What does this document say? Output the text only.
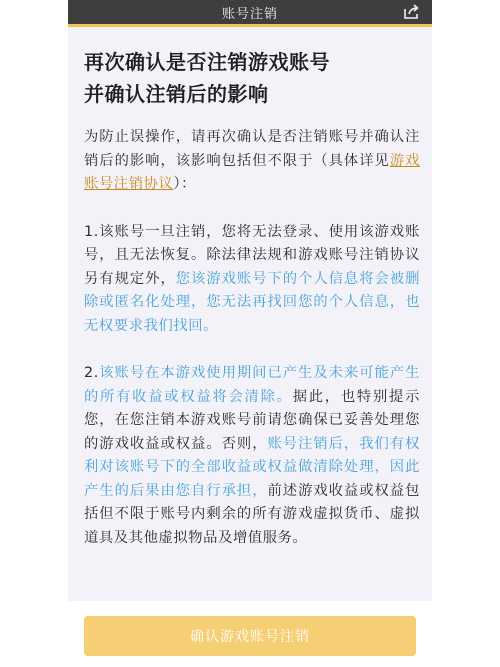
账号注销
再次确认是否注销游戏账号
并确认注销后的影响

为防止误操作，请再次确认是否注销账号并确认注销后的影响，该影响包括但不限于（具体详见游戏账号注销协议）：

1.该账号一旦注销，您将无法登录、使用该游戏账号，且无法恢复。除法律法规和游戏账号注销协议另有规定外，您该游戏账号下的个人信息将会被删除或匿名化处理，您无法再找回您的个人信息，也无权要求我们找回。

2.该账号在本游戏使用期间已产生及未来可能产生的所有收益或权益将会清除。据此，也特别提示您，在您注销本游戏账号前请您确保已妥善处理您的游戏收益或权益。否则，账号注销后，我们有权利对该账号下的全部收益或权益做清除处理，因此产生的后果由您自行承担，前述游戏收益或权益包括但不限于账号内剩余的所有游戏虚拟货币、虚拟道具及其他虚拟物品及增值服务。

确认游戏账号注销
